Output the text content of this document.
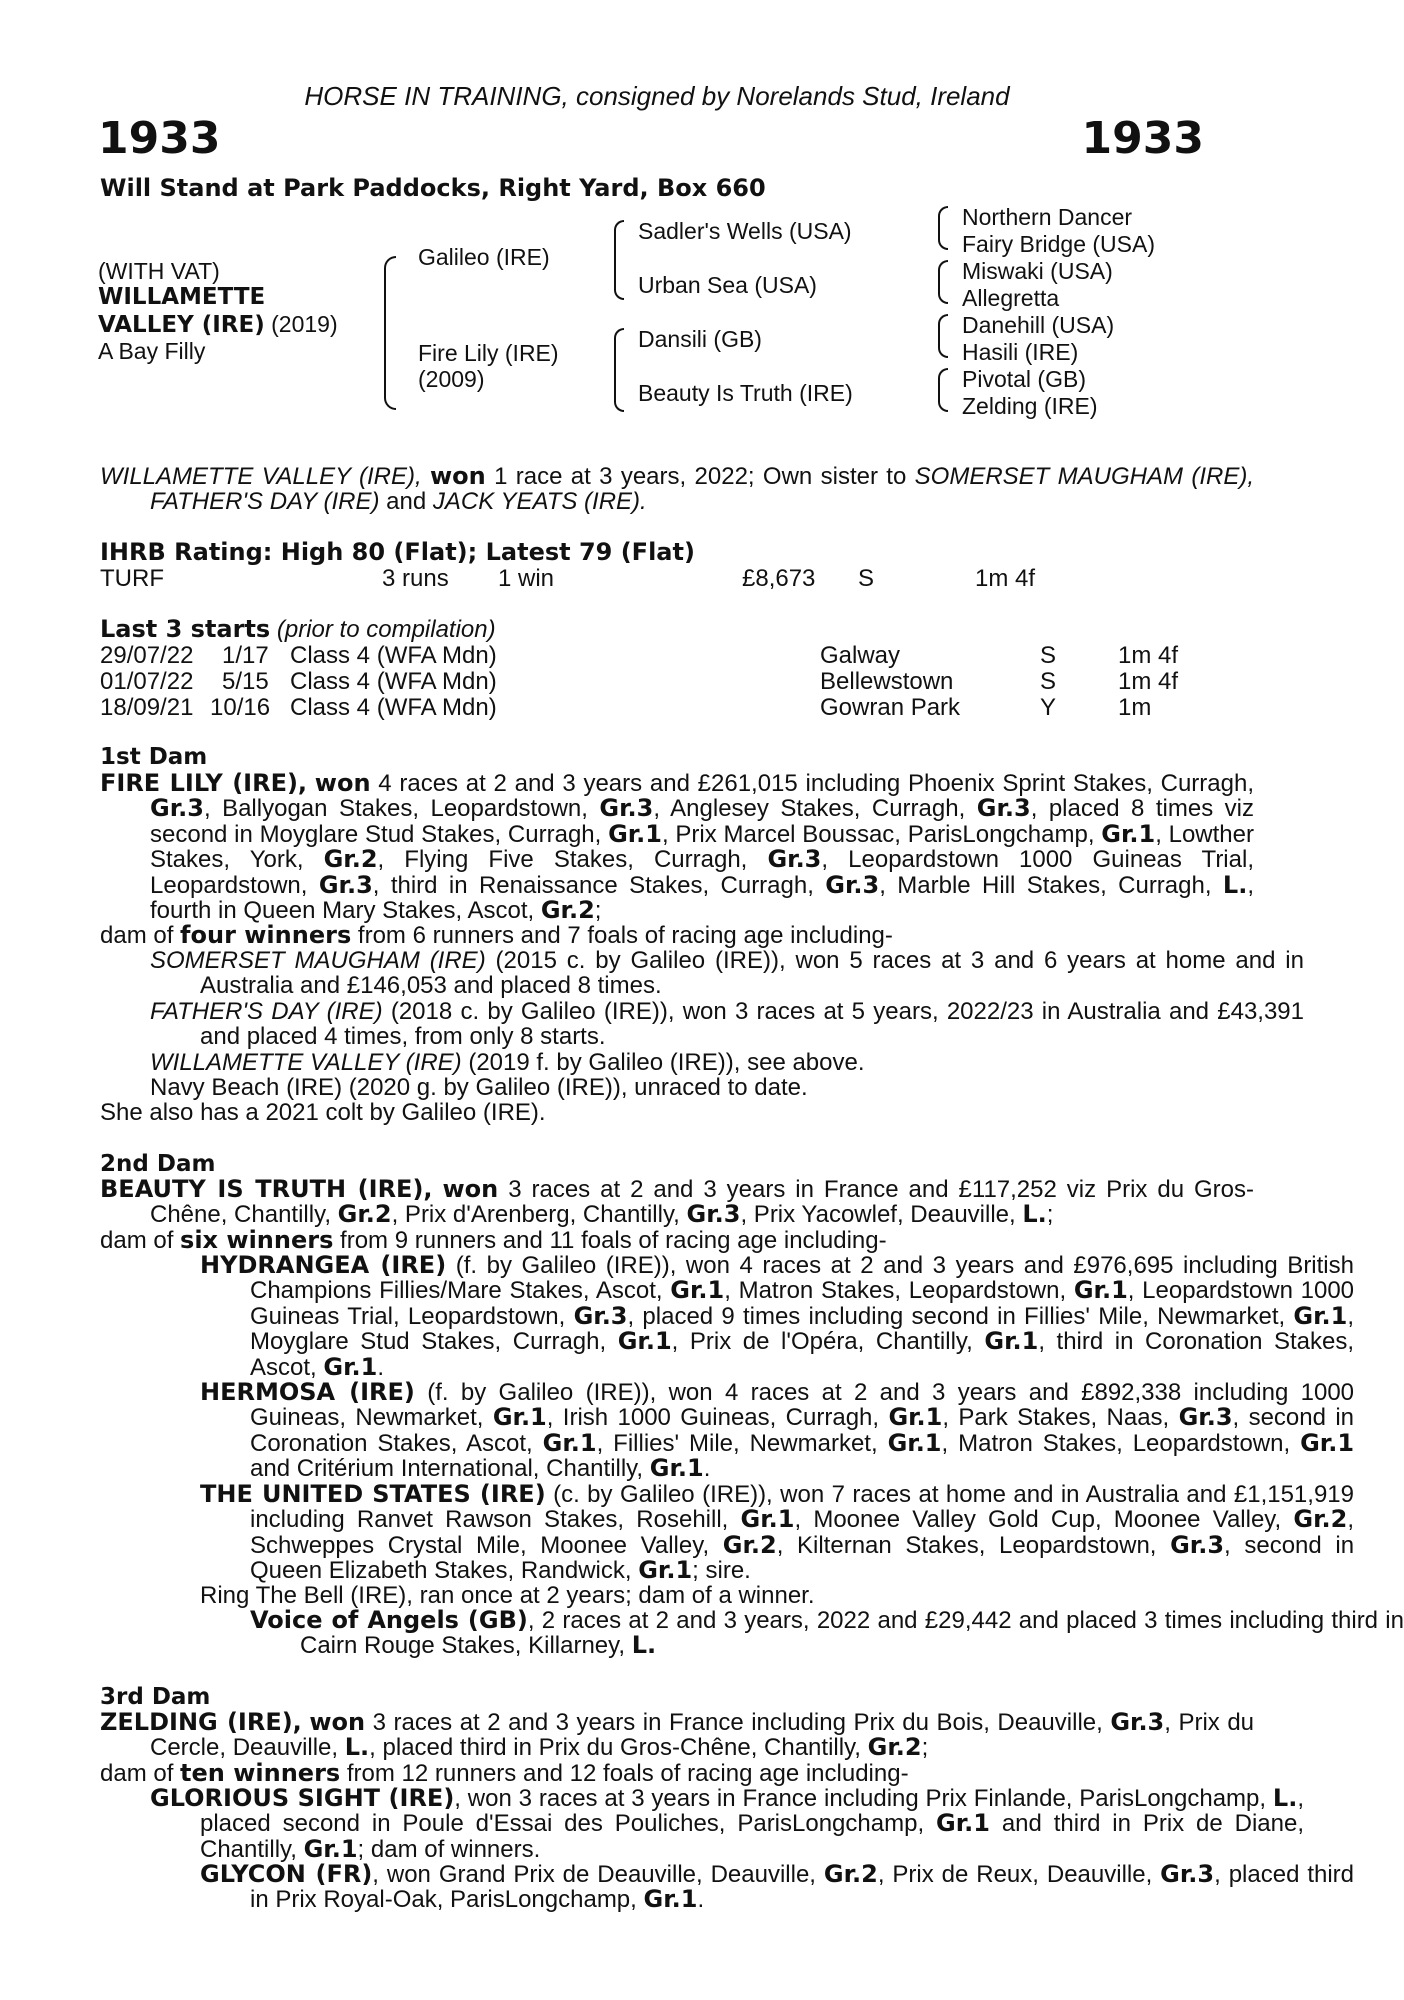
HORSE IN TRAINING, consigned by Norelands Stud, Ireland
1933	1933
Will Stand at Park Paddocks, Right Yard, Box 660
(WITH VAT)
WILLAMETTE
VALLEY (IRE) (2019)
A Bay Filly
Galileo (IRE)
Fire Lily (IRE)
(2009)
Sadler's Wells (USA)
Urban Sea (USA)
Dansili (GB)
Beauty Is Truth (IRE)
Northern Dancer
Fairy Bridge (USA)
Miswaki (USA)
Allegretta
Danehill (USA)
Hasili (IRE)
Pivotal (GB)
Zelding (IRE)
WILLAMETTE VALLEY (IRE), won 1 race at 3 years, 2022; Own sister to SOMERSET MAUGHAM (IRE), FATHER'S DAY (IRE) and JACK YEATS (IRE).
IHRB Rating: High 80 (Flat); Latest 79 (Flat)
TURF	3 runs 1 win	£8,673 S	1m 4f
Last 3 starts (prior to compilation)
29/07/22 1/17 Class 4 (WFA Mdn)	Galway	S	1m 4f
01/07/22 5/15 Class 4 (WFA Mdn)	Bellewstown	S	1m 4f
18/09/21 10/16 Class 4 (WFA Mdn)	Gowran Park	Y	1m
1st Dam
FIRE LILY (IRE), won 4 races at 2 and 3 years and £261,015 including Phoenix Sprint Stakes, Curragh, Gr.3, Ballyogan Stakes, Leopardstown, Gr.3, Anglesey Stakes, Curragh, Gr.3, placed 8 times viz second in Moyglare Stud Stakes, Curragh, Gr.1, Prix Marcel Boussac, ParisLongchamp, Gr.1, Lowther Stakes, York, Gr.2, Flying Five Stakes, Curragh, Gr.3, Leopardstown 1000 Guineas Trial, Leopardstown, Gr.3, third in Renaissance Stakes, Curragh, Gr.3, Marble Hill Stakes, Curragh, L., fourth in Queen Mary Stakes, Ascot, Gr.2;
dam of four winners from 6 runners and 7 foals of racing age including-
SOMERSET MAUGHAM (IRE) (2015 c. by Galileo (IRE)), won 5 races at 3 and 6 years at home and in Australia and £146,053 and placed 8 times.
FATHER'S DAY (IRE) (2018 c. by Galileo (IRE)), won 3 races at 5 years, 2022/23 in Australia and £43,391 and placed 4 times, from only 8 starts.
WILLAMETTE VALLEY (IRE) (2019 f. by Galileo (IRE)), see above.
Navy Beach (IRE) (2020 g. by Galileo (IRE)), unraced to date.
She also has a 2021 colt by Galileo (IRE).
2nd Dam
BEAUTY IS TRUTH (IRE), won 3 races at 2 and 3 years in France and £117,252 viz Prix du Gros-Chêne, Chantilly, Gr.2, Prix d'Arenberg, Chantilly, Gr.3, Prix Yacowlef, Deauville, L.;
dam of six winners from 9 runners and 11 foals of racing age including-
HYDRANGEA (IRE) (f. by Galileo (IRE)), won 4 races at 2 and 3 years and £976,695 including British Champions Fillies/Mare Stakes, Ascot, Gr.1, Matron Stakes, Leopardstown, Gr.1, Leopardstown 1000 Guineas Trial, Leopardstown, Gr.3, placed 9 times including second in Fillies' Mile, Newmarket, Gr.1, Moyglare Stud Stakes, Curragh, Gr.1, Prix de l'Opéra, Chantilly, Gr.1, third in Coronation Stakes, Ascot, Gr.1.
HERMOSA (IRE) (f. by Galileo (IRE)), won 4 races at 2 and 3 years and £892,338 including 1000 Guineas, Newmarket, Gr.1, Irish 1000 Guineas, Curragh, Gr.1, Park Stakes, Naas, Gr.3, second in Coronation Stakes, Ascot, Gr.1, Fillies' Mile, Newmarket, Gr.1, Matron Stakes, Leopardstown, Gr.1 and Critérium International, Chantilly, Gr.1.
THE UNITED STATES (IRE) (c. by Galileo (IRE)), won 7 races at home and in Australia and £1,151,919 including Ranvet Rawson Stakes, Rosehill, Gr.1, Moonee Valley Gold Cup, Moonee Valley, Gr.2, Schweppes Crystal Mile, Moonee Valley, Gr.2, Kilternan Stakes, Leopardstown, Gr.3, second in Queen Elizabeth Stakes, Randwick, Gr.1; sire.
Ring The Bell (IRE), ran once at 2 years; dam of a winner.
Voice of Angels (GB), 2 races at 2 and 3 years, 2022 and £29,442 and placed 3 times including third in Cairn Rouge Stakes, Killarney, L.
3rd Dam
ZELDING (IRE), won 3 races at 2 and 3 years in France including Prix du Bois, Deauville, Gr.3, Prix du Cercle, Deauville, L., placed third in Prix du Gros-Chêne, Chantilly, Gr.2;
dam of ten winners from 12 runners and 12 foals of racing age including-
GLORIOUS SIGHT (IRE), won 3 races at 3 years in France including Prix Finlande, ParisLongchamp, L., placed second in Poule d'Essai des Pouliches, ParisLongchamp, Gr.1 and third in Prix de Diane, Chantilly, Gr.1; dam of winners.
GLYCON (FR), won Grand Prix de Deauville, Deauville, Gr.2, Prix de Reux, Deauville, Gr.3, placed third in Prix Royal-Oak, ParisLongchamp, Gr.1.
